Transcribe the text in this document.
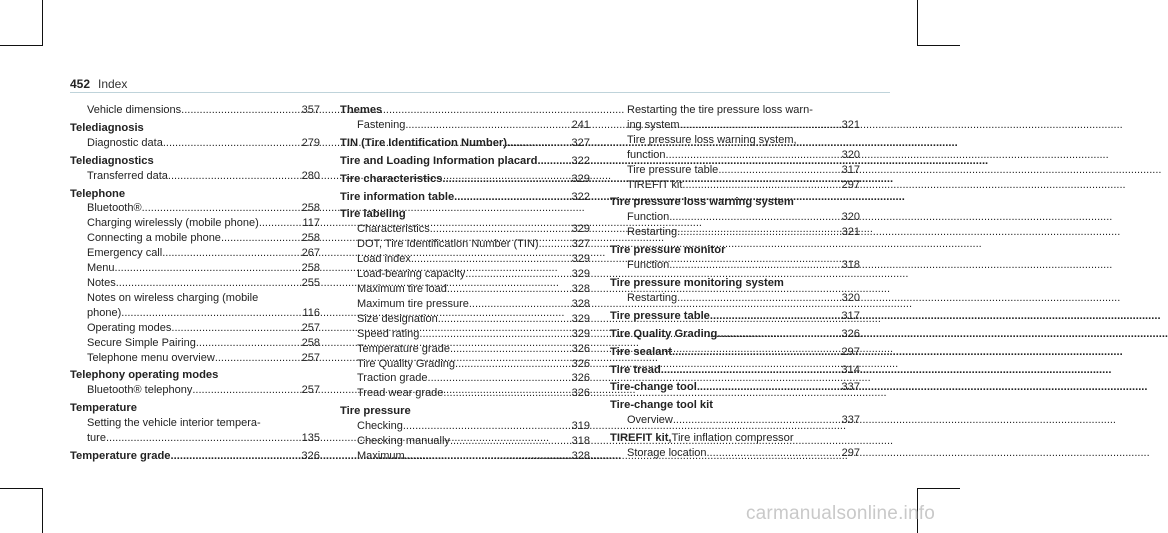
452 Index
Vehicle dimensions .....	357
Telediagnosis
Diagnostic data .....	279
Telediagnostics
Transferred data .....	280
Telephone
Bluetooth® .....	258
Charging wirelessly (mobile phone) .....	117
Connecting a mobile phone .....	258
Emergency call .....	267
Menu .....	258
Notes .....	255
Notes on wireless charging (mobile
phone) .....	116
Operating modes .....	257
Secure Simple Pairing .....	258
Telephone menu overview .....	257
Telephony operating modes
Bluetooth® telephony .....	257
Temperature
Setting the vehicle interior tempera-
ture .....	135
Temperature grade .....	326
Themes
Fastening .....	241
TIN (Tire Identification Number) .....	327
Tire and Loading Information placard .....	322
Tire characteristics .....	329
Tire information table .....	322
Tire labeling
Characteristics .....	329
DOT, Tire Identification Number (TIN) .....	327
Load index .....	329
Load-bearing capacity .....	329
Maximum tire load .....	328
Maximum tire pressure .....	328
Size designation .....	329
Speed rating .....	329
Temperature grade .....	326
Tire Quality Grading .....	326
Traction grade .....	326
Tread wear grade .....	326
Tire pressure
Checking .....	319
Checking manually .....	318
Maximum .....	328
Restarting the tire pressure loss warn-
ing system .....	321
Tire pressure loss warning system,
function .....	320
Tire pressure table .....	317
TIREFIT kit .....	297
Tire pressure loss warning system
Function .....	320
Restarting .....	321
Tire pressure monitor
Function .....	318
Tire pressure monitoring system
Restarting .....	320
Tire pressure table .....	317
Tire Quality Grading .....	326
Tire sealant .....	297
Tire tread .....	314
Tire-change tool .....	337
Tire-change tool kit
Overview .....	337
TIREFIT kit, Tire inflation compressor
Storage location .....	297
carmanualsonline.info
